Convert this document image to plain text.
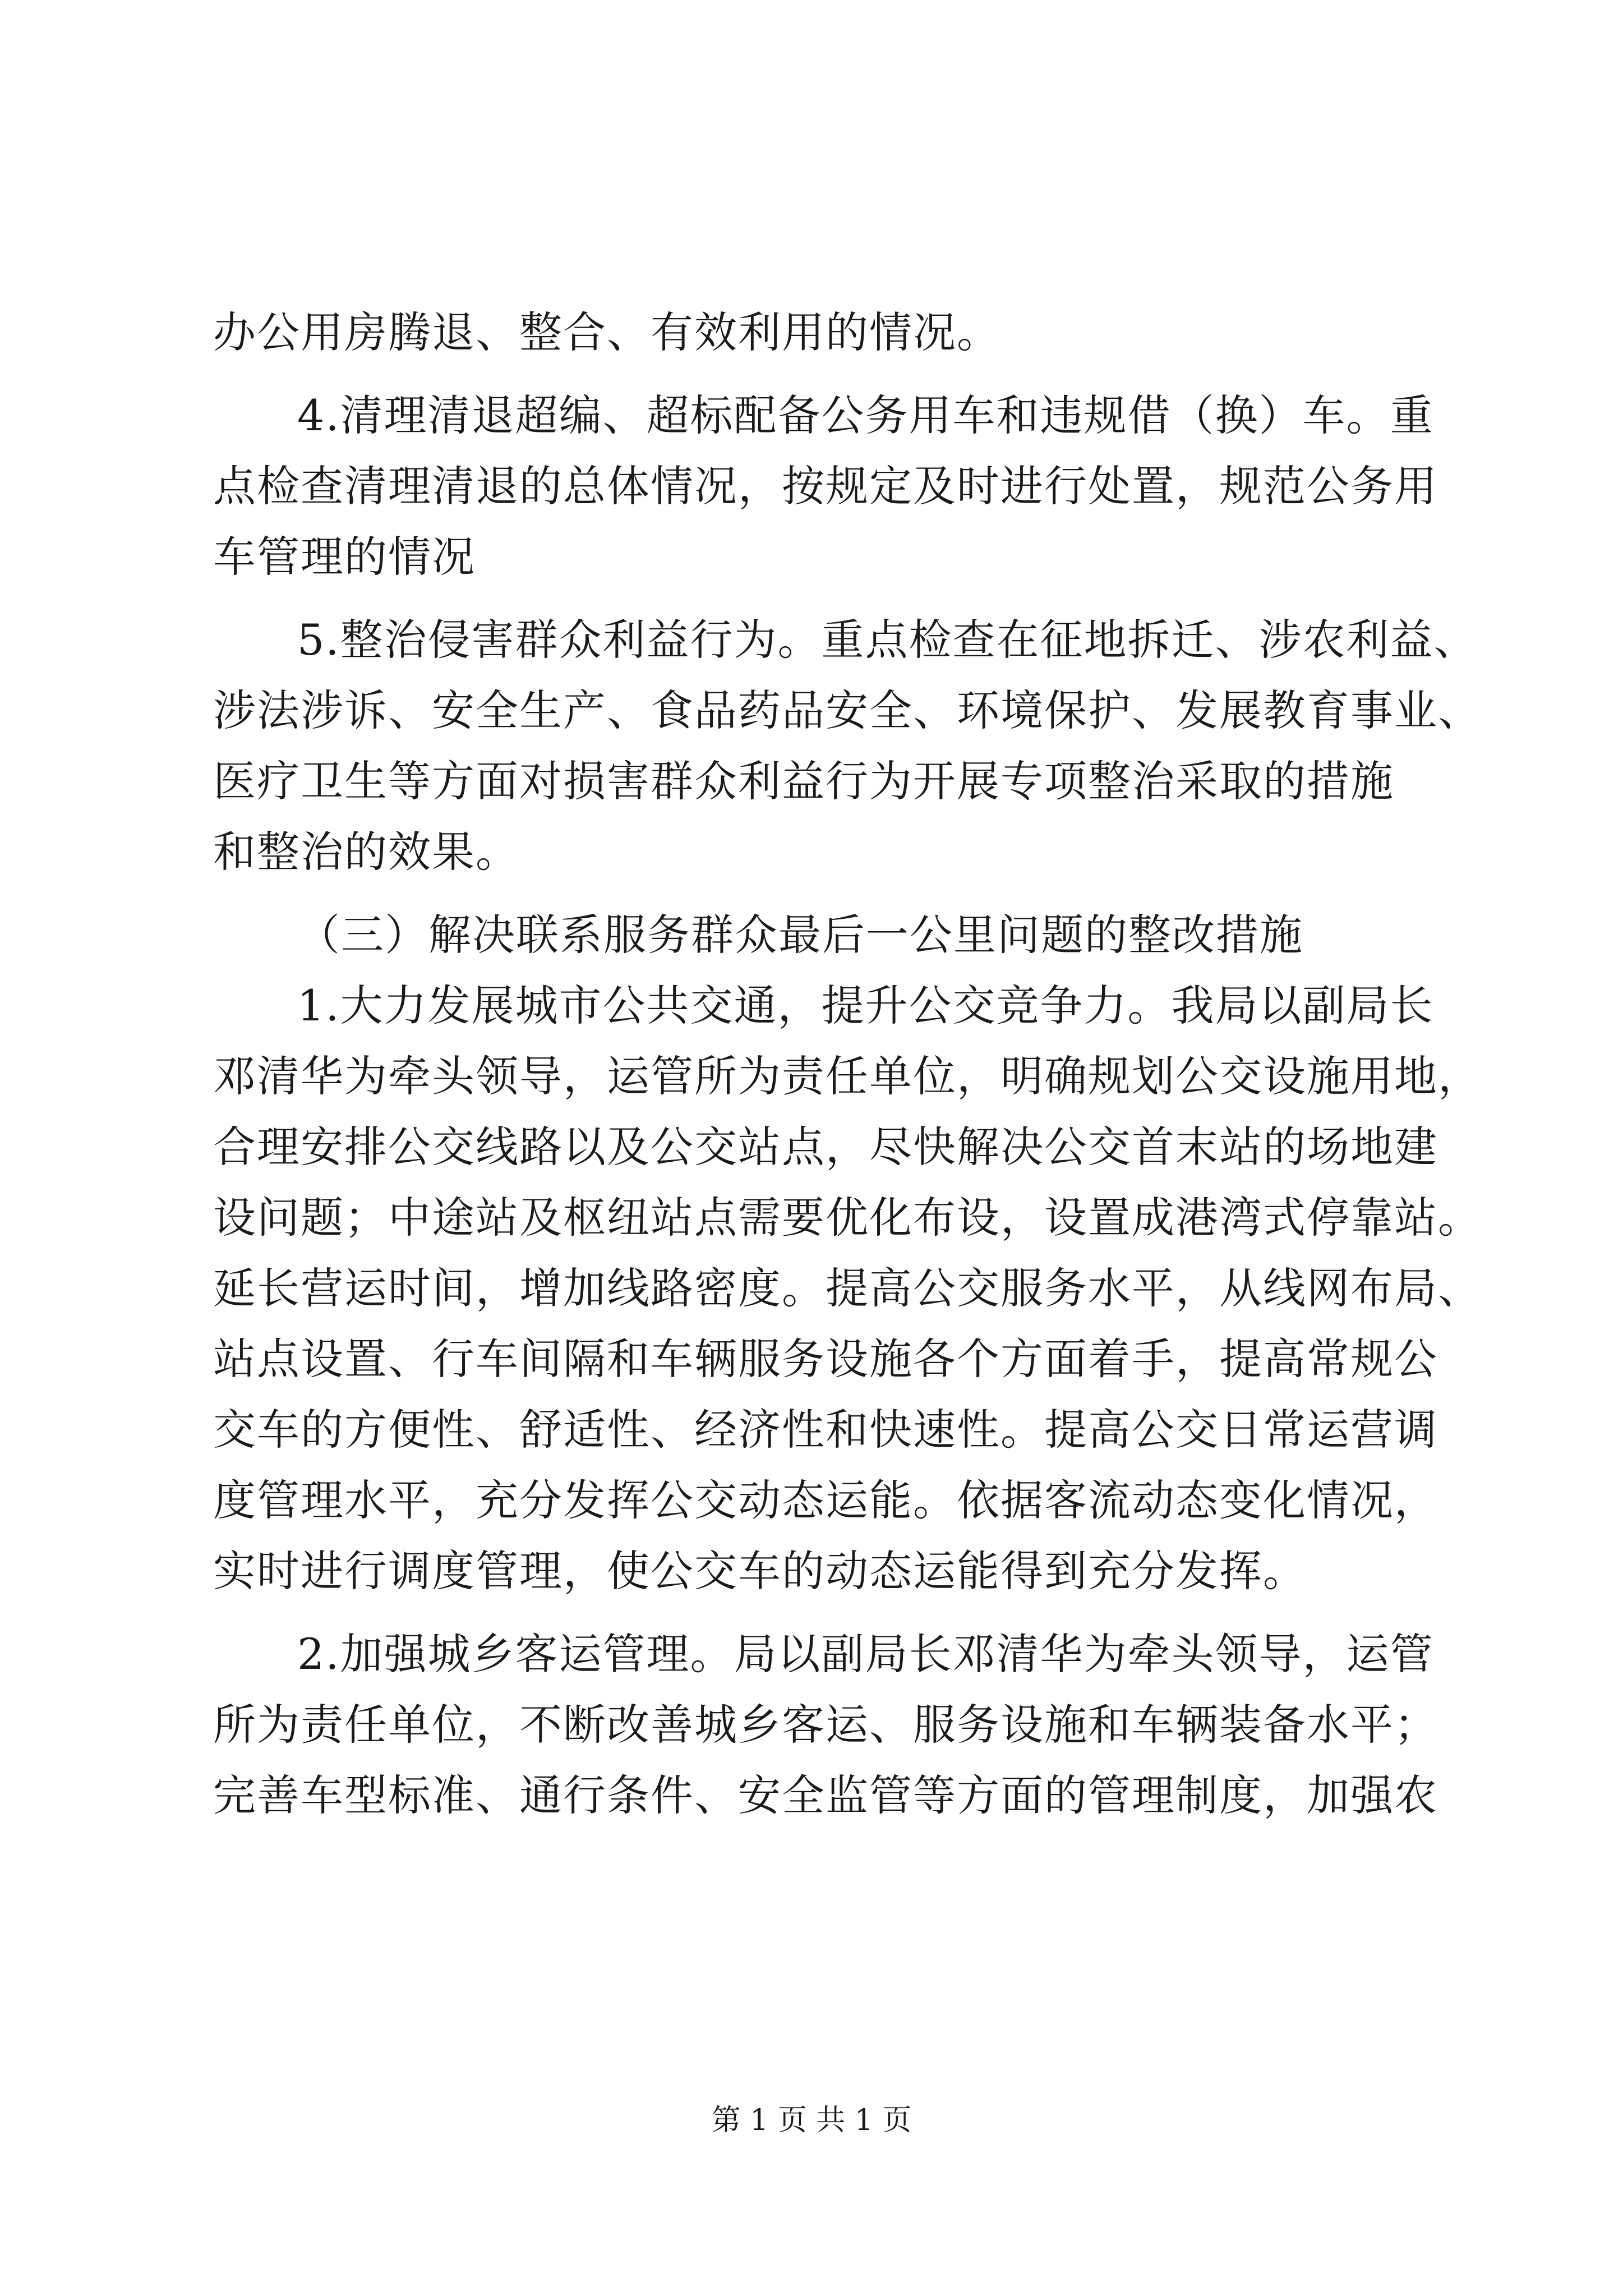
办公用房腾退、整合、有效利用的情况。
4.清理清退超编、超标配备公务用车和违规借（换）车。重
点检查清理清退的总体情况，按规定及时进行处置，规范公务用
车管理的情况
5.整治侵害群众利益行为。重点检查在征地拆迁、涉农利益、
涉法涉诉、安全生产、食品药品安全、环境保护、发展教育事业、
医疗卫生等方面对损害群众利益行为开展专项整治采取的措施
和整治的效果。
（三）解决联系服务群众最后一公里问题的整改措施
1.大力发展城市公共交通，提升公交竞争力。我局以副局长
邓清华为牵头领导，运管所为责任单位，明确规划公交设施用地，
合理安排公交线路以及公交站点，尽快解决公交首末站的场地建
设问题；中途站及枢纽站点需要优化布设，设置成港湾式停靠站。
延长营运时间，增加线路密度。提高公交服务水平，从线网布局、
站点设置、行车间隔和车辆服务设施各个方面着手，提高常规公
交车的方便性、舒适性、经济性和快速性。提高公交日常运营调
度管理水平，充分发挥公交动态运能。依据客流动态变化情况，
实时进行调度管理，使公交车的动态运能得到充分发挥。
2.加强城乡客运管理。局以副局长邓清华为牵头领导，运管
所为责任单位，不断改善城乡客运、服务设施和车辆装备水平；
完善车型标准、通行条件、安全监管等方面的管理制度，加强农
第 1 页 共 1 页
